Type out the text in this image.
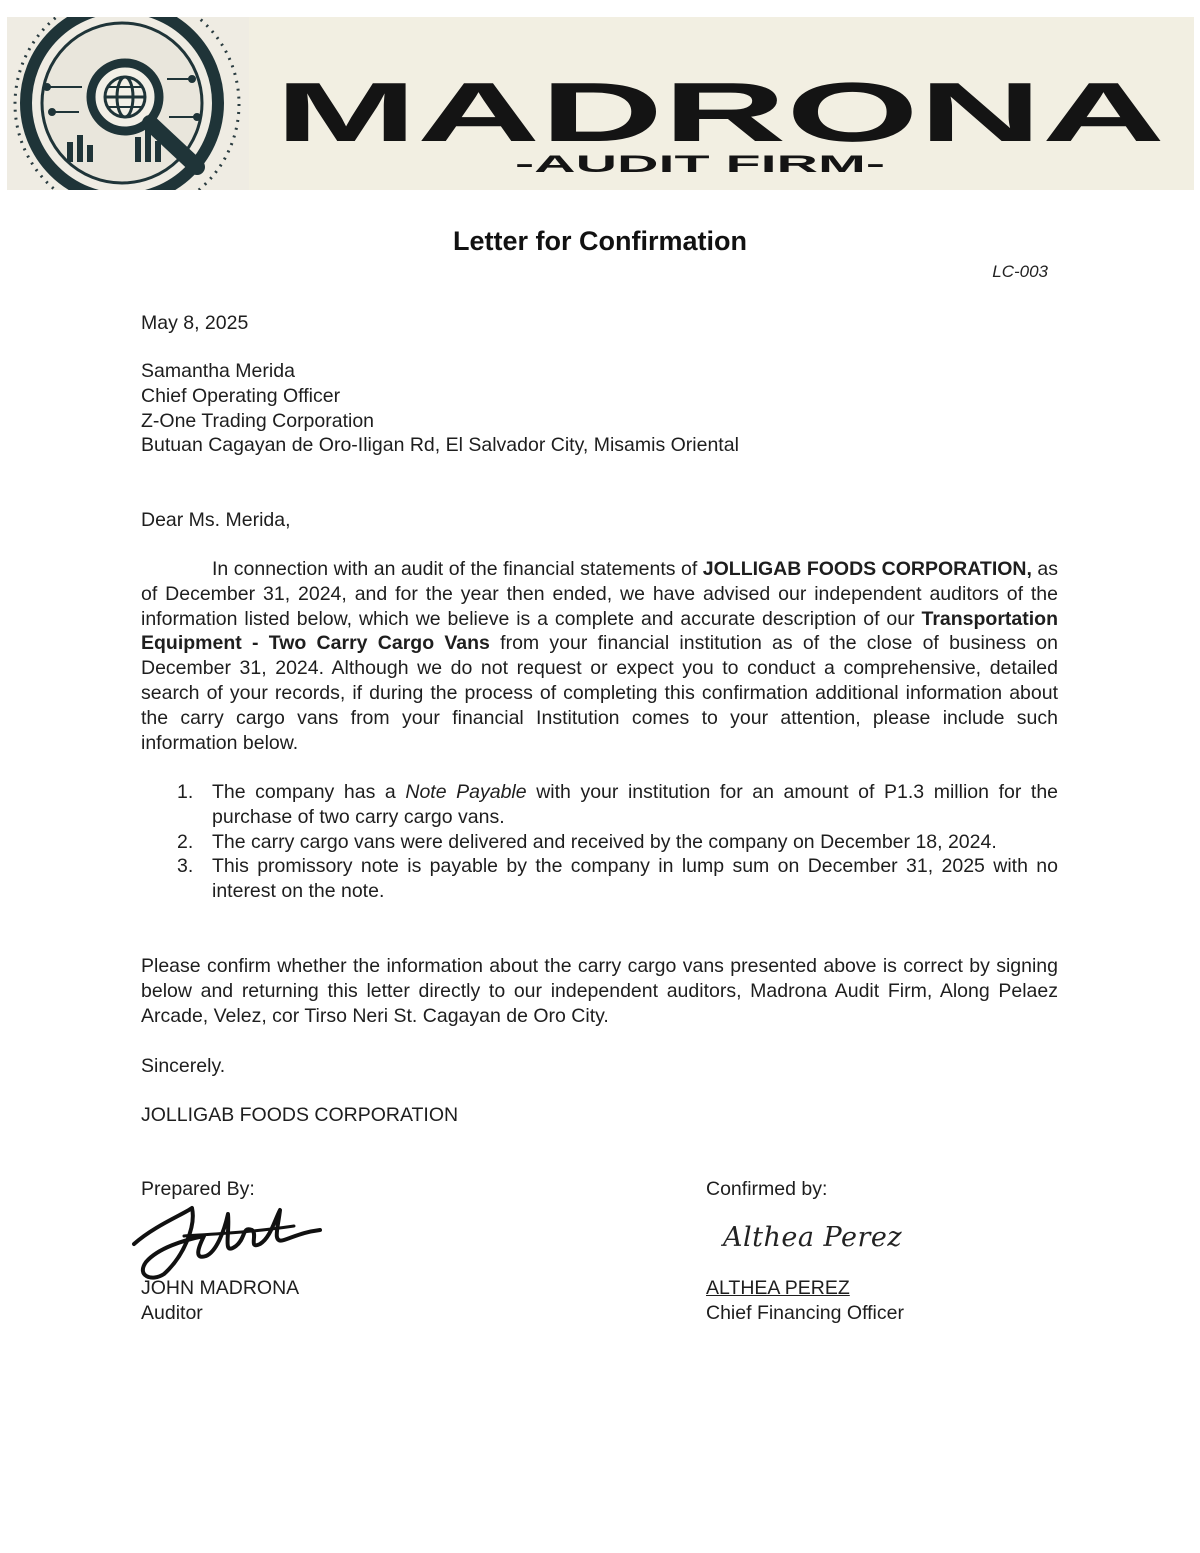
MADRONA
-AUDIT FIRM-
Letter for Confirmation
LC-003
May 8, 2025
Samantha Merida
Chief Operating Officer
Z-One Trading Corporation
Butuan Cagayan de Oro-Iligan Rd, El Salvador City, Misamis Oriental
Dear Ms. Merida,
In connection with an audit of the financial statements of JOLLIGAB FOODS CORPORATION, as of December 31, 2024, and for the year then ended, we have advised our independent auditors of the information listed below, which we believe is a complete and accurate description of our Transportation Equipment - Two Carry Cargo Vans from your financial institution as of the close of business on December 31, 2024. Although we do not request or expect you to conduct a comprehensive, detailed search of your records, if during the process of completing this confirmation additional information about the carry cargo vans from your financial Institution comes to your attention, please include such information below.
1. The company has a Note Payable with your institution for an amount of P1.3 million for the purchase of two carry cargo vans.
2. The carry cargo vans were delivered and received by the company on December 18, 2024.
3. This promissory note is payable by the company in lump sum on December 31, 2025 with no interest on the note.
Please confirm whether the information about the carry cargo vans presented above is correct by signing below and returning this letter directly to our independent auditors, Madrona Audit Firm, Along Pelaez Arcade, Velez, cor Tirso Neri St. Cagayan de Oro City.
Sincerely.
JOLLIGAB FOODS CORPORATION
Prepared By:	Confirmed by:
Althea Perez
JOHN MADRONA
Auditor
ALTHEA PEREZ
Chief Financing Officer
